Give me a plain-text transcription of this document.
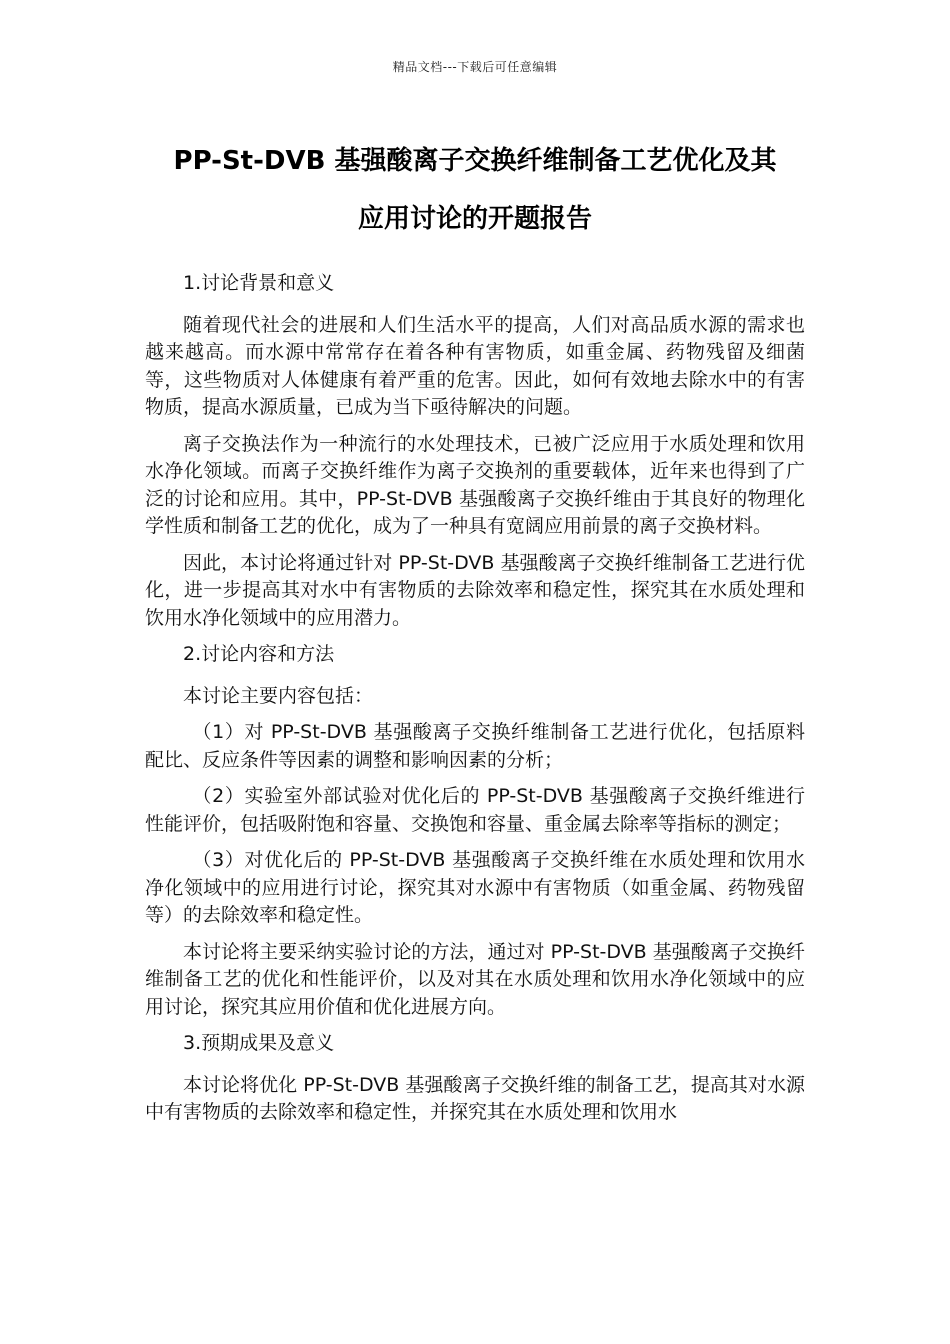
精品文档---下载后可任意编辑
PP-St-DVB 基强酸离子交换纤维制备工艺优化及其
应用讨论的开题报告

1.讨论背景和意义

随着现代社会的进展和人们生活水平的提高，人们对高品质水源的需求也越来越高。而水源中常常存在着各种有害物质，如重金属、药物残留及细菌等，这些物质对人体健康有着严重的危害。因此，如何有效地去除水中的有害物质，提高水源质量，已成为当下亟待解决的问题。

离子交换法作为一种流行的水处理技术，已被广泛应用于水质处理和饮用水净化领域。而离子交换纤维作为离子交换剂的重要载体，近年来也得到了广泛的讨论和应用。其中，PP-St-DVB 基强酸离子交换纤维由于其良好的物理化学性质和制备工艺的优化，成为了一种具有宽阔应用前景的离子交换材料。

因此，本讨论将通过针对 PP-St-DVB 基强酸离子交换纤维制备工艺进行优化，进一步提高其对水中有害物质的去除效率和稳定性，探究其在水质处理和饮用水净化领域中的应用潜力。

2.讨论内容和方法

本讨论主要内容包括：

（1）对 PP-St-DVB 基强酸离子交换纤维制备工艺进行优化，包括原料配比、反应条件等因素的调整和影响因素的分析；

（2）实验室外部试验对优化后的 PP-St-DVB 基强酸离子交换纤维进行性能评价，包括吸附饱和容量、交换饱和容量、重金属去除率等指标的测定；

（3）对优化后的 PP-St-DVB 基强酸离子交换纤维在水质处理和饮用水净化领域中的应用进行讨论，探究其对水源中有害物质（如重金属、药物残留等）的去除效率和稳定性。

本讨论将主要采纳实验讨论的方法，通过对 PP-St-DVB 基强酸离子交换纤维制备工艺的优化和性能评价，以及对其在水质处理和饮用水净化领域中的应用讨论，探究其应用价值和优化进展方向。

3.预期成果及意义

本讨论将优化 PP-St-DVB 基强酸离子交换纤维的制备工艺，提高其对水源中有害物质的去除效率和稳定性，并探究其在水质处理和饮用水
